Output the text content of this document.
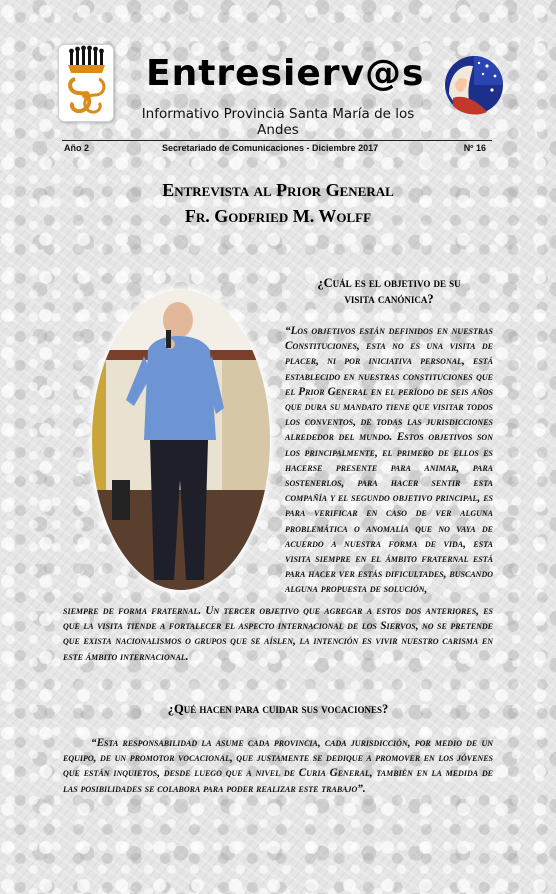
Entresierv@s
Informativo Provincia Santa María de los Andes
Año 2	Secretariado de Comunicaciones - Diciembre 2017	Nº 16
Entrevista al Prior General
Fr. Godfried M. Wolff
¿Cuál es el objetivo de su
visita canónica?
“Los objetivos están definidos en nuestras Constituciones, esta no es una visita de placer, ni por iniciativa personal, está establecido en nuestras constituciones que el Prior General en el período de seis años que dura su mandato tiene que visitar todos los conventos, de todas las jurisdicciones alrededor del mundo. Estos objetivos son los principalmente, el primero de ellos es hacerse presente para animar, para sostenerlos, para hacer sentir esta compañía y el segundo objetivo principal, es para verificar en caso de ver alguna problemática o anomalía que no vaya de acuerdo a nuestra forma de vida, esta visita siempre en el ámbito fraternal está para hacer ver estás dificultades, buscando alguna propuesta de solución,
siempre de forma fraternal. Un tercer objetivo que agregar a estos dos anteriores, es que la visita tiende a fortalecer el aspecto internacional de los Siervos, no se pretende que exista nacionalismos o grupos que se aíslen, la intención es vivir nuestro carisma en este ámbito internacional.
¿Qué hacen para cuidar sus vocaciones?
“Esta responsabilidad la asume cada provincia, cada jurisdicción, por medio de un equipo, de un promotor vocacional, que justamente se dedique a promover en los jóvenes que están inquietos, desde luego que a nivel de Curia General, también en la medida de las posibilidades se colabora para poder realizar este trabajo”.
